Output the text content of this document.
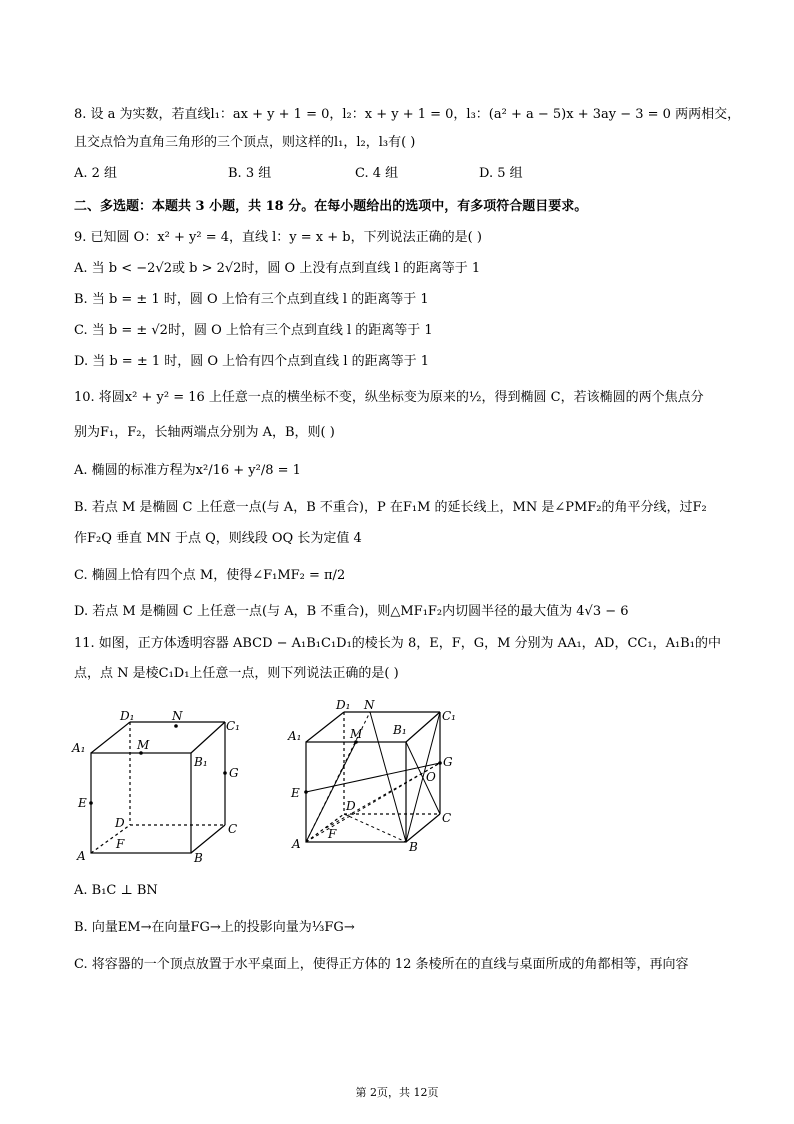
8. 设 a 为实数，若直线l₁：ax + y + 1 = 0，l₂：x + y + 1 = 0，l₃：(a² + a − 5)x + 3ay − 3 = 0 两两相交，
且交点恰为直角三角形的三个顶点，则这样的l₁，l₂，l₃有( )
A. 2 组	B. 3 组	C. 4 组	D. 5 组
二、多选题：本题共 3 小题，共 18 分。在每小题给出的选项中，有多项符合题目要求。
9. 已知圆 O：x² + y² = 4，直线 l：y = x + b，下列说法正确的是( )
A. 当 b < −2√2或 b > 2√2时，圆 O 上没有点到直线 l 的距离等于 1
B. 当 b = ± 1 时，圆 O 上恰有三个点到直线 l 的距离等于 1
C. 当 b = ± √2时，圆 O 上恰有三个点到直线 l 的距离等于 1
D. 当 b = ± 1 时，圆 O 上恰有四个点到直线 l 的距离等于 1
10. 将圆x² + y² = 16 上任意一点的横坐标不变，纵坐标变为原来的½，得到椭圆 C，若该椭圆的两个焦点分
别为F₁，F₂，长轴两端点分别为 A，B，则( )
A. 椭圆的标准方程为x²/16 + y²/8 = 1
B. 若点 M 是椭圆 C 上任意一点(与 A，B 不重合)，P 在F₁M 的延长线上，MN 是∠PMF₂的角平分线，过F₂
作F₂Q 垂直 MN 于点 Q，则线段 OQ 长为定值 4
C. 椭圆上恰有四个点 M，使得∠F₁MF₂ = π/2
D. 若点 M 是椭圆 C 上任意一点(与 A，B 不重合)，则△MF₁F₂内切圆半径的最大值为 4√3 − 6
11. 如图，正方体透明容器 ABCD − A₁B₁C₁D₁的棱长为 8，E，F，G，M 分别为 AA₁，AD，CC₁，A₁B₁的中
点，点 N 是棱C₁D₁上任意一点，则下列说法正确的是( )
D₁	N
C₁
A₁	M
B₁
G
E
D	C
F
A	B
D₁ N
C₁
A₁	M	B₁
G
O
E
D
C
F
A	B
A. B₁C ⊥ BN
B. 向量EM→在向量FG→上的投影向量为⅓FG→
C. 将容器的一个顶点放置于水平桌面上，使得正方体的 12 条棱所在的直线与桌面所成的角都相等，再向容
第 2页，共 12页
